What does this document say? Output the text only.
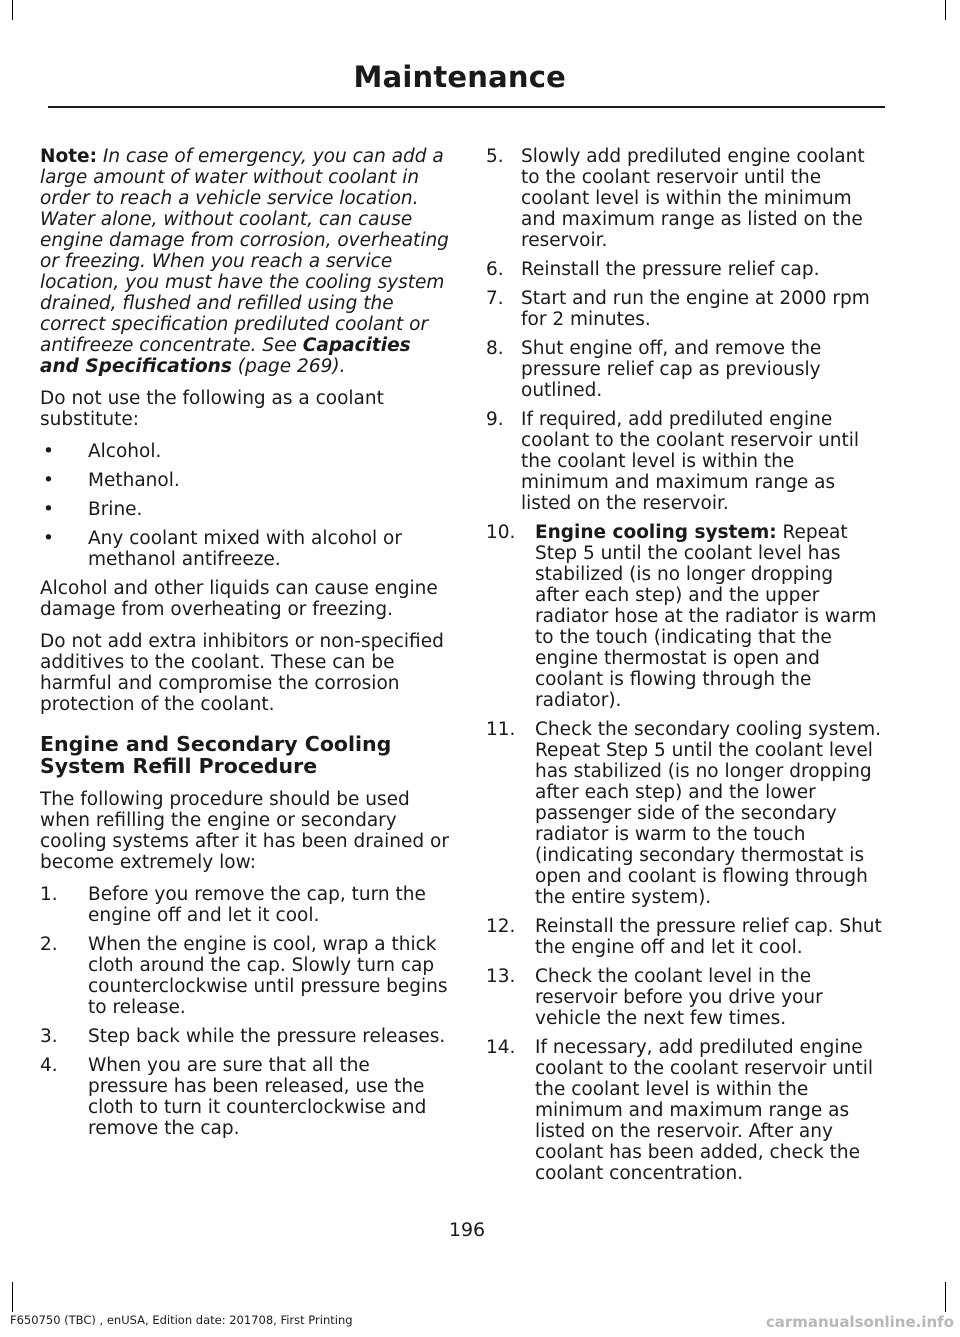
Maintenance

Note: In case of emergency, you can add a large amount of water without coolant in order to reach a vehicle service location. Water alone, without coolant, can cause engine damage from corrosion, overheating or freezing. When you reach a service location, you must have the cooling system drained, flushed and refilled using the correct specification prediluted coolant or antifreeze concentrate. See Capacities and Specifications (page 269).

Do not use the following as a coolant substitute:

• Alcohol.
• Methanol.
• Brine.
• Any coolant mixed with alcohol or methanol antifreeze.

Alcohol and other liquids can cause engine damage from overheating or freezing.

Do not add extra inhibitors or non-specified additives to the coolant. These can be harmful and compromise the corrosion protection of the coolant.

Engine and Secondary Cooling System Refill Procedure

The following procedure should be used when refilling the engine or secondary cooling systems after it has been drained or become extremely low:

1. Before you remove the cap, turn the engine off and let it cool.
2. When the engine is cool, wrap a thick cloth around the cap. Slowly turn cap counterclockwise until pressure begins to release.
3. Step back while the pressure releases.
4. When you are sure that all the pressure has been released, use the cloth to turn it counterclockwise and remove the cap.
5. Slowly add prediluted engine coolant to the coolant reservoir until the coolant level is within the minimum and maximum range as listed on the reservoir.
6. Reinstall the pressure relief cap.
7. Start and run the engine at 2000 rpm for 2 minutes.
8. Shut engine off, and remove the pressure relief cap as previously outlined.
9. If required, add prediluted engine coolant to the coolant reservoir until the coolant level is within the minimum and maximum range as listed on the reservoir.
10. Engine cooling system: Repeat Step 5 until the coolant level has stabilized (is no longer dropping after each step) and the upper radiator hose at the radiator is warm to the touch (indicating that the engine thermostat is open and coolant is flowing through the radiator).
11. Check the secondary cooling system. Repeat Step 5 until the coolant level has stabilized (is no longer dropping after each step) and the lower passenger side of the secondary radiator is warm to the touch (indicating secondary thermostat is open and coolant is flowing through the entire system).
12. Reinstall the pressure relief cap. Shut the engine off and let it cool.
13. Check the coolant level in the reservoir before you drive your vehicle the next few times.
14. If necessary, add prediluted engine coolant to the coolant reservoir until the coolant level is within the minimum and maximum range as listed on the reservoir. After any coolant has been added, check the coolant concentration.
196
F650750 (TBC) , enUSA, Edition date: 201708, First Printing	carmanualsonline.info
